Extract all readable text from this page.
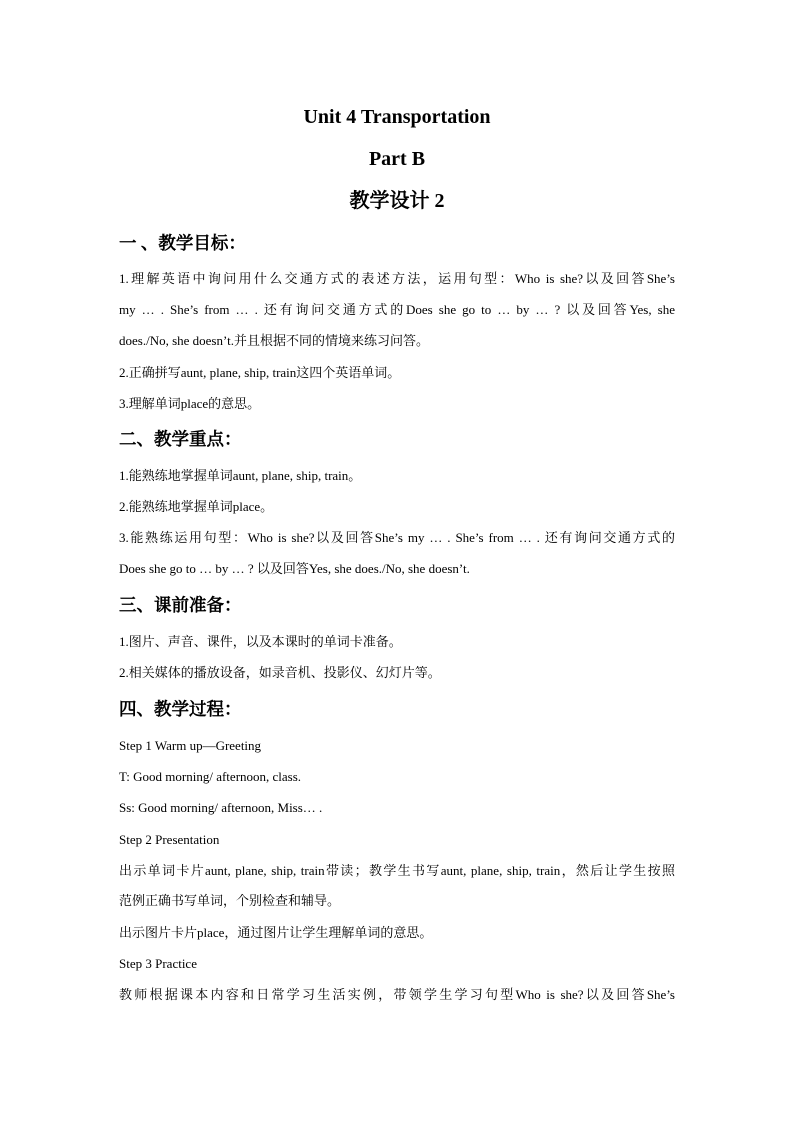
Unit 4 Transportation
Part B
教学设计 2
一 、教学目标：
1.理解英语中询问用什么交通方式的表述方法，运用句型：Who is she?以及回答She’s
my … . She’s from … . 还有询问交通方式的Does she go to … by … ? 以及回答Yes, she
does./No, she doesn’t.并且根据不同的情境来练习问答。
2.正确拼写aunt, plane, ship, train这四个英语单词。
3.理解单词place的意思。
二、教学重点：
1.能熟练地掌握单词aunt, plane, ship, train。
2.能熟练地掌握单词place。
3.能熟练运用句型：Who is she?以及回答She’s my … . She’s from … . 还有询问交通方式的
Does she go to … by … ? 以及回答Yes, she does./No, she doesn’t.
三、课前准备：
1.图片、声音、课件，以及本课时的单词卡准备。
2.相关媒体的播放设备，如录音机、投影仪、幻灯片等。
四、教学过程：
Step 1 Warm up—Greeting
T: Good morning/ afternoon, class.
Ss: Good morning/ afternoon, Miss… .
Step 2 Presentation
出示单词卡片aunt, plane, ship, train带读；教学生书写aunt, plane, ship, train，然后让学生按照
范例正确书写单词，个别检查和辅导。
出示图片卡片place，通过图片让学生理解单词的意思。
Step 3 Practice
教师根据课本内容和日常学习生活实例，带领学生学习句型Who is she?以及回答She’s
